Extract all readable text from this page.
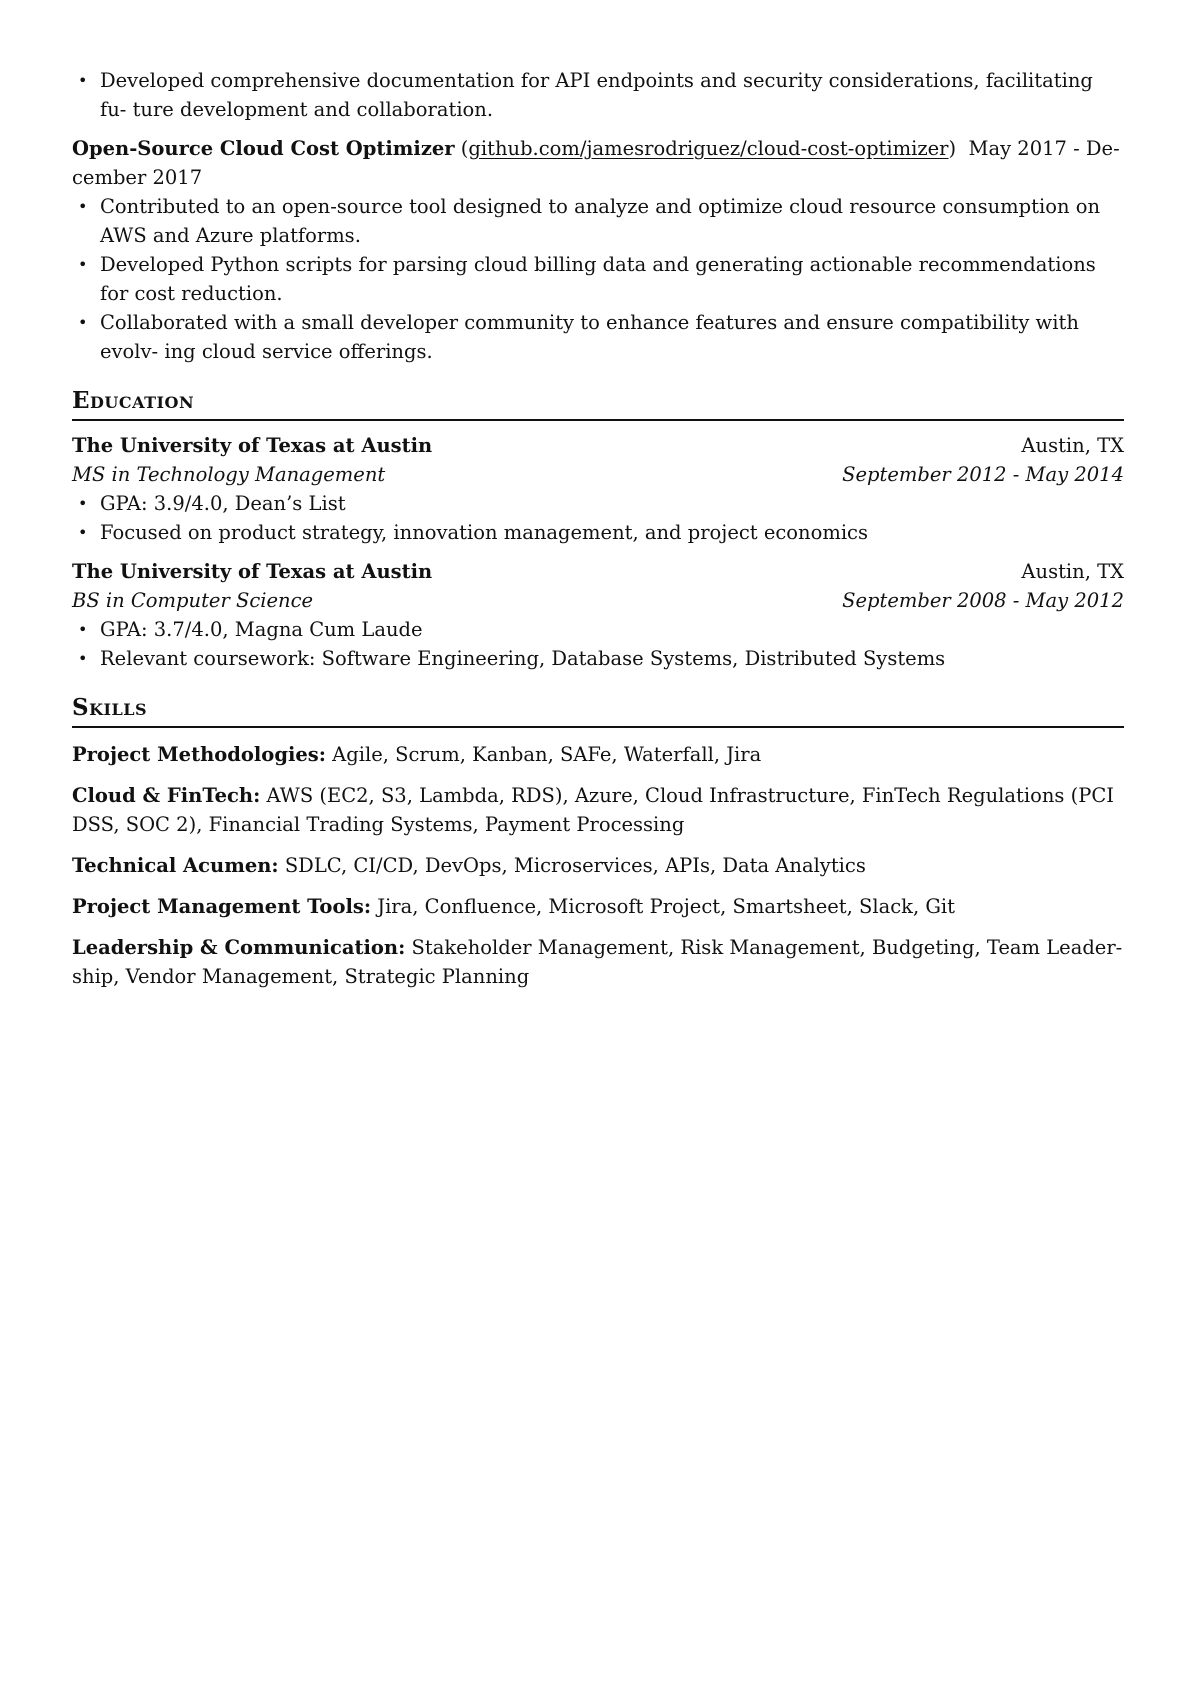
• Developed comprehensive documentation for API endpoints and security considerations, facilitating fu- ture development and collaboration.
Open-Source Cloud Cost Optimizer (github.com/jamesrodriguez/cloud-cost-optimizer) May 2017 - De- cember 2017
• Contributed to an open-source tool designed to analyze and optimize cloud resource consumption on AWS and Azure platforms.
• Developed Python scripts for parsing cloud billing data and generating actionable recommendations for cost reduction.
• Collaborated with a small developer community to enhance features and ensure compatibility with evolv- ing cloud service offerings.
Education
The University of Texas at Austin	Austin, TX
MS in Technology Management	September 2012 - May 2014
• GPA: 3.9/4.0, Dean’s List
• Focused on product strategy, innovation management, and project economics
The University of Texas at Austin	Austin, TX
BS in Computer Science	September 2008 - May 2012
• GPA: 3.7/4.0, Magna Cum Laude
• Relevant coursework: Software Engineering, Database Systems, Distributed Systems
Skills
Project Methodologies: Agile, Scrum, Kanban, SAFe, Waterfall, Jira
Cloud & FinTech: AWS (EC2, S3, Lambda, RDS), Azure, Cloud Infrastructure, FinTech Regulations (PCI DSS, SOC 2), Financial Trading Systems, Payment Processing
Technical Acumen: SDLC, CI/CD, DevOps, Microservices, APIs, Data Analytics
Project Management Tools: Jira, Confluence, Microsoft Project, Smartsheet, Slack, Git
Leadership & Communication: Stakeholder Management, Risk Management, Budgeting, Team Leader- ship, Vendor Management, Strategic Planning
